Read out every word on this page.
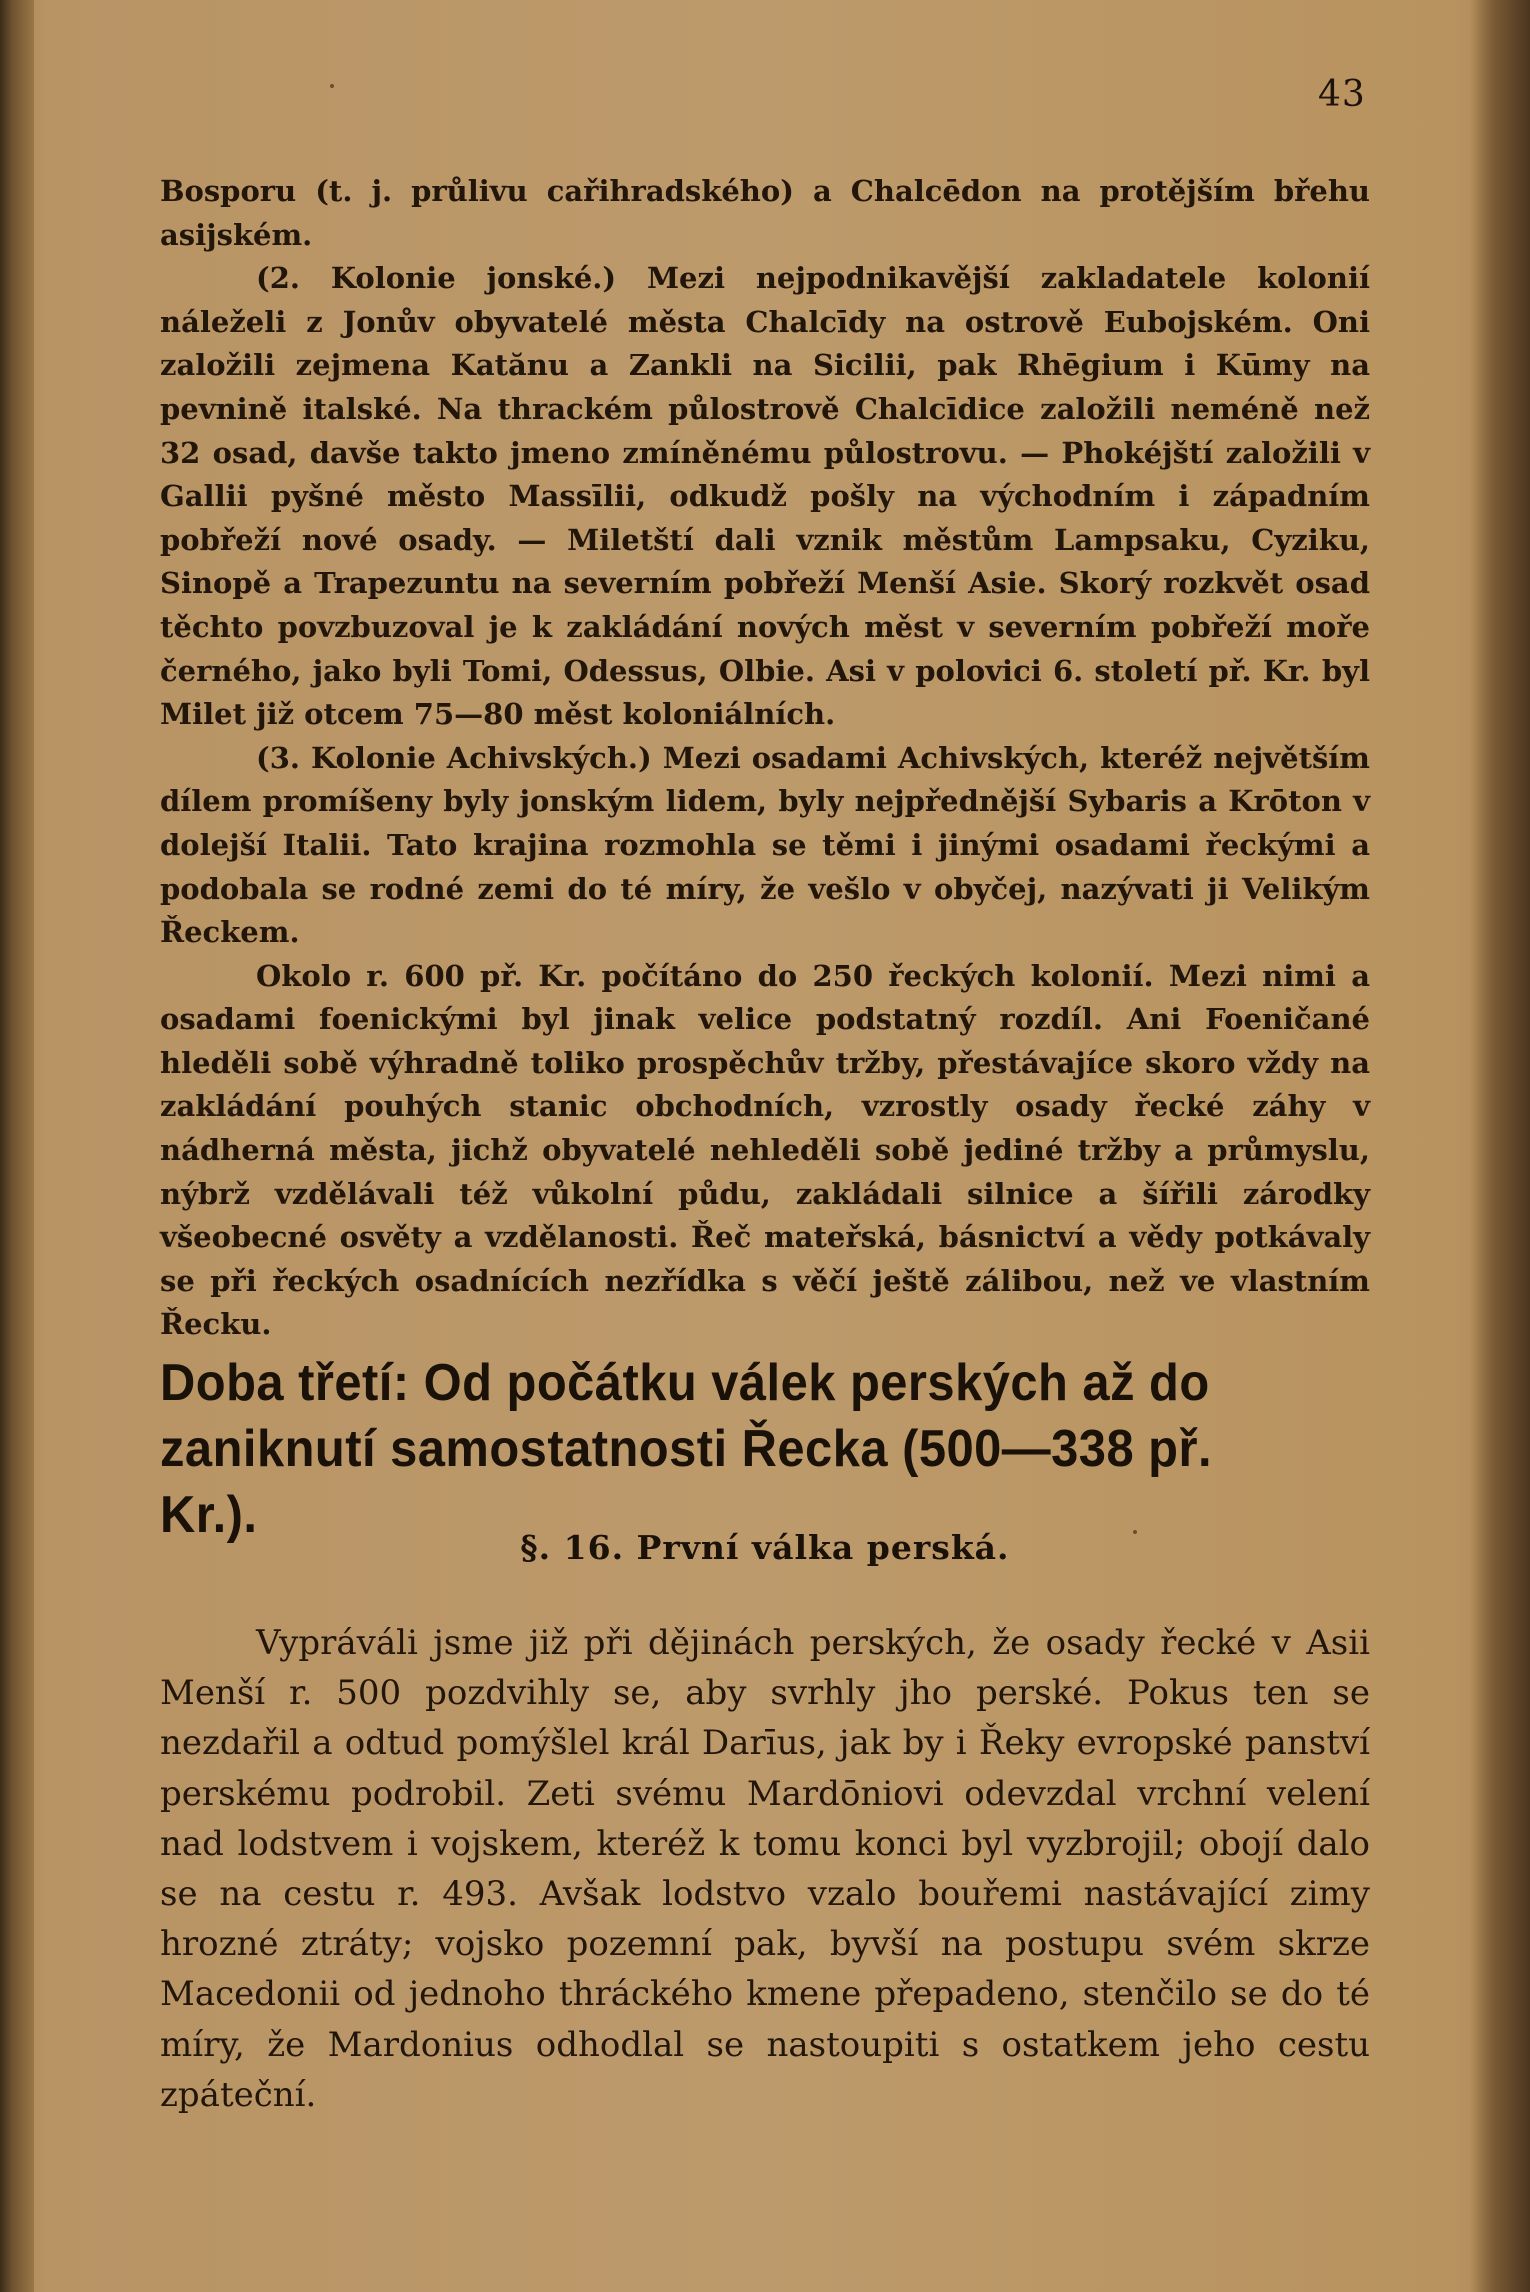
43

Bosporu (t. j. průlivu cařihradského) a Chalcēdon na protějším břehu asijském.

(2. Kolonie jonské.) Mezi nejpodnikavější zakladatele kolonií náleželi z Jonův obyvatelé města Chalcīdy na ostrově Eubojském. Oni založili zejmena Katănu a Zankli na Sicilii, pak Rhēgium i Kūmy na pevnině italské. Na thrackém půlostrově Chalcīdice založili neméně než 32 osad, davše takto jmeno zmíněnému půlostrovu. — Phokéjští založili v Gallii pyšné město Massīlii, odkudž pošly na východním i západním pobřeží nové osady. — Miletští dali vznik městům Lampsaku, Cyziku, Sinopě a Trapezuntu na severním pobřeží Menší Asie. Skorý rozkvět osad těchto povzbuzoval je k zakládání nových měst v severním pobřeží moře černého, jako byli Tomi, Odessus, Olbie. Asi v polovici 6. století př. Kr. byl Milet již otcem 75—80 měst koloniálních.

(3. Kolonie Achivských.) Mezi osadami Achivských, kteréž největším dílem promíšeny byly jonským lidem, byly nejpřednější Sybaris a Krōton v dolejší Italii. Tato krajina rozmohla se těmi i jinými osadami řeckými a podobala se rodné zemi do té míry, že vešlo v obyčej, nazývati ji Velikým Řeckem.

Okolo r. 600 př. Kr. počítáno do 250 řeckých kolonií. Mezi nimi a osadami foenickými byl jinak velice podstatný rozdíl. Ani Foeničané hleděli sobě výhradně toliko prospěchův tržby, přestávajíce skoro vždy na zakládání pouhých stanic obchodních, vzrostly osady řecké záhy v nádherná města, jichž obyvatelé nehleděli sobě jediné tržby a průmyslu, nýbrž vzdělávali též vůkolní půdu, zakládali silnice a šířili zárodky všeobecné osvěty a vzdělanosti. Řeč mateřská, básnictví a vědy potkávaly se při řeckých osadnících nezřídka s věčí ještě zálibou, než ve vlastním Řecku.

Doba třetí: Od počátku válek perských až do zaniknutí samostatnosti Řecka (500—338 př. Kr.).
§. 16. První válka perská.

Vypráváli jsme již při dějinách perských, že osady řecké v Asii Menší r. 500 pozdvihly se, aby svrhly jho perské. Pokus ten se nezdařil a odtud pomýšlel král Darīus, jak by i Řeky evropské panství perskému podrobil. Zeti svému Mardōniovi odevzdal vrchní velení nad lodstvem i vojskem, kteréž k tomu konci byl vyzbrojil; obojí dalo se na cestu r. 493. Avšak lodstvo vzalo bouřemi nastávající zimy hrozné ztráty; vojsko pozemní pak, byvší na postupu svém skrze Macedonii od jednoho thráckého kmene přepadeno, stenčilo se do té míry, že Mardonius odhodlal se nastoupiti s ostatkem jeho cestu zpáteční.
